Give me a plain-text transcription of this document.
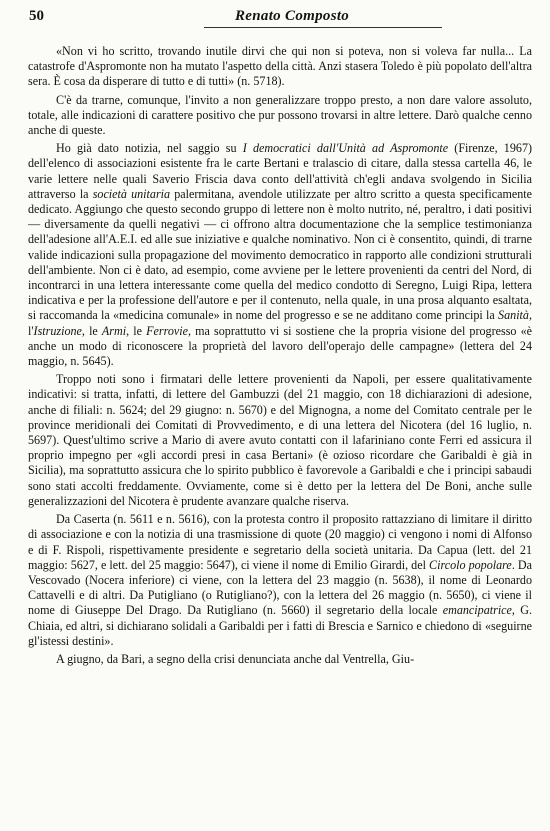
50	Renato Composto

«Non vi ho scritto, trovando inutile dirvi che qui non si poteva, non si voleva far nulla... La catastrofe d'Aspromonte non ha mutato l'aspetto della città. Anzi stasera Toledo è più popolato dell'altra sera. È cosa da disperare di tutto e di tutti» (n. 5718).

C'è da trarne, comunque, l'invito a non generalizzare troppo presto, a non dare valore assoluto, totale, alle indicazioni di carattere positivo che pur possono trovarsi in altre lettere. Darò qualche cenno anche di queste.

Ho già dato notizia, nel saggio su I democratici dall'Unità ad Aspromonte (Firenze, 1967) dell'elenco di associazioni esistente fra le carte Bertani e tralascio di citare, dalla stessa cartella 46, le varie lettere nelle quali Saverio Friscia dava conto dell'attività ch'egli andava svolgendo in Sicilia attraverso la società unitaria palermitana, avendole utilizzate per altro scritto a questa specificamente dedicato. Aggiungo che questo secondo gruppo di lettere non è molto nutrito, né, peraltro, i dati positivi — diversamente da quelli negativi — ci offrono altra documentazione che la semplice testimonianza dell'adesione all'A.E.I. ed alle sue iniziative e qualche nominativo. Non ci è consentito, quindi, di trarne valide indicazioni sulla propagazione del movimento democratico in rapporto alle condizioni strutturali dell'ambiente. Non ci è dato, ad esempio, come avviene per le lettere provenienti da centri del Nord, di incontrarci in una lettera interessante come quella del medico condotto di Seregno, Luigi Ripa, lettera indicativa e per la professione dell'autore e per il contenuto, nella quale, in una prosa alquanto esaltata, si raccomanda la «medicina comunale» in nome del progresso e se ne additano come principi la Sanità, l'Istruzione, le Armi, le Ferrovie, ma soprattutto vi si sostiene che la propria visione del progresso «è anche un modo di riconoscere la proprietà del lavoro dell'operajo delle campagne» (lettera del 24 maggio, n. 5645).

Troppo noti sono i firmatari delle lettere provenienti da Napoli, per essere qualitativamente indicativi: si tratta, infatti, di lettere del Gambuzzi (del 21 maggio, con 18 dichiarazioni di adesione, anche di filiali: n. 5624; del 29 giugno: n. 5670) e del Mignogna, a nome del Comitato centrale per le province meridionali dei Comitati di Provvedimento, e di una lettera del Nicotera (del 16 luglio, n. 5697). Quest'ultimo scrive a Mario di avere avuto contatti con il lafariniano conte Ferri ed assicura il proprio impegno per «gli accordi presi in casa Bertani» (è ozioso ricordare che Garibaldi è già in Sicilia), ma soprattutto assicura che lo spirito pubblico è favorevole a Garibaldi e che i principi sabaudi sono stati accolti freddamente. Ovviamente, come si è detto per la lettera del De Boni, anche sulle generalizzazioni del Nicotera è prudente avanzare qualche riserva.

Da Caserta (n. 5611 e n. 5616), con la protesta contro il proposito rattazziano di limitare il diritto di associazione e con la notizia di una trasmissione di quote (20 maggio) ci vengono i nomi di Alfonso e di F. Rispoli, rispettivamente presidente e segretario della società unitaria. Da Capua (lett. del 21 maggio: 5627, e lett. del 25 maggio: 5647), ci viene il nome di Emilio Girardi, del Circolo popolare. Da Vescovado (Nocera inferiore) ci viene, con la lettera del 23 maggio (n. 5638), il nome di Leonardo Cattavelli e di altri. Da Putigliano (o Rutigliano?), con la lettera del 26 maggio (n. 5650), ci viene il nome di Giuseppe Del Drago. Da Rutigliano (n. 5660) il segretario della locale emancipatrice, G. Chiaia, ed altri, si dichiarano solidali a Garibaldi per i fatti di Brescia e Sarnico e chiedono di «seguirne gl'istessi destini».

A giugno, da Bari, a segno della crisi denunciata anche dal Ventrella, Giu-
